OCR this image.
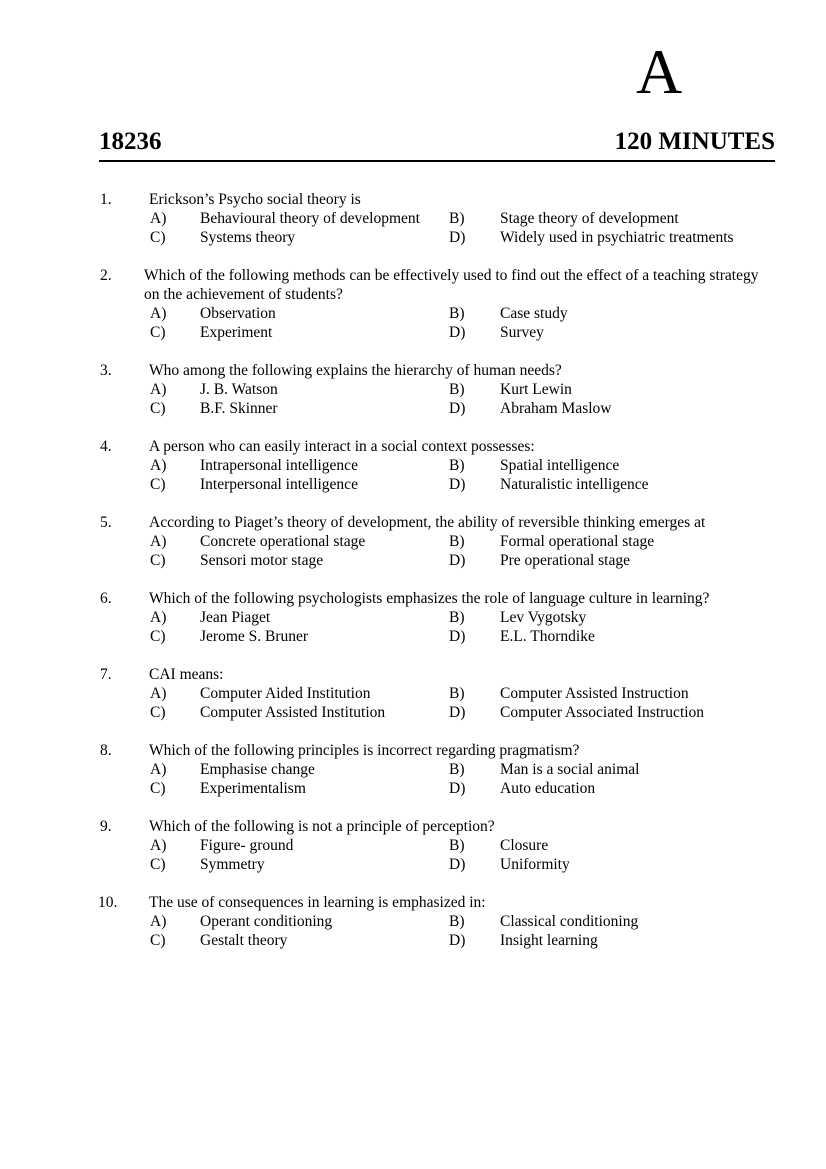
A
18236	120 MINUTES
1. Erickson’s Psycho social theory is
A) Behavioural theory of development B) Stage theory of development
C) Systems theory	D) Widely used in psychiatric treatments
2. Which of the following methods can be effectively used to find out the effect of a teaching strategy on the achievement of students?
A) Observation	B) Case study
C) Experiment	D) Survey
3. Who among the following explains the hierarchy of human needs?
A) J. B. Watson	B) Kurt Lewin
C) B.F. Skinner	D) Abraham Maslow
4. A person who can easily interact in a social context possesses:
A) Intrapersonal intelligence	B) Spatial intelligence
C) Interpersonal intelligence	D) Naturalistic intelligence
5. According to Piaget’s theory of development, the ability of reversible thinking emerges at
A) Concrete operational stage	B) Formal operational stage
C) Sensori motor stage	D) Pre operational stage
6. Which of the following psychologists emphasizes the role of language culture in learning?
A) Jean Piaget	B) Lev Vygotsky
C) Jerome S. Bruner	D) E.L. Thorndike
7. CAI means:
A) Computer Aided Institution	B) Computer Assisted Instruction
C) Computer Assisted Institution	D) Computer Associated Instruction
8. Which of the following principles is incorrect regarding pragmatism?
A) Emphasise change	B) Man is a social animal
C) Experimentalism	D) Auto education
9. Which of the following is not a principle of perception?
A) Figure- ground	B) Closure
C) Symmetry	D) Uniformity
10. The use of consequences in learning is emphasized in:
A) Operant conditioning	B) Classical conditioning
C) Gestalt theory	D) Insight learning
